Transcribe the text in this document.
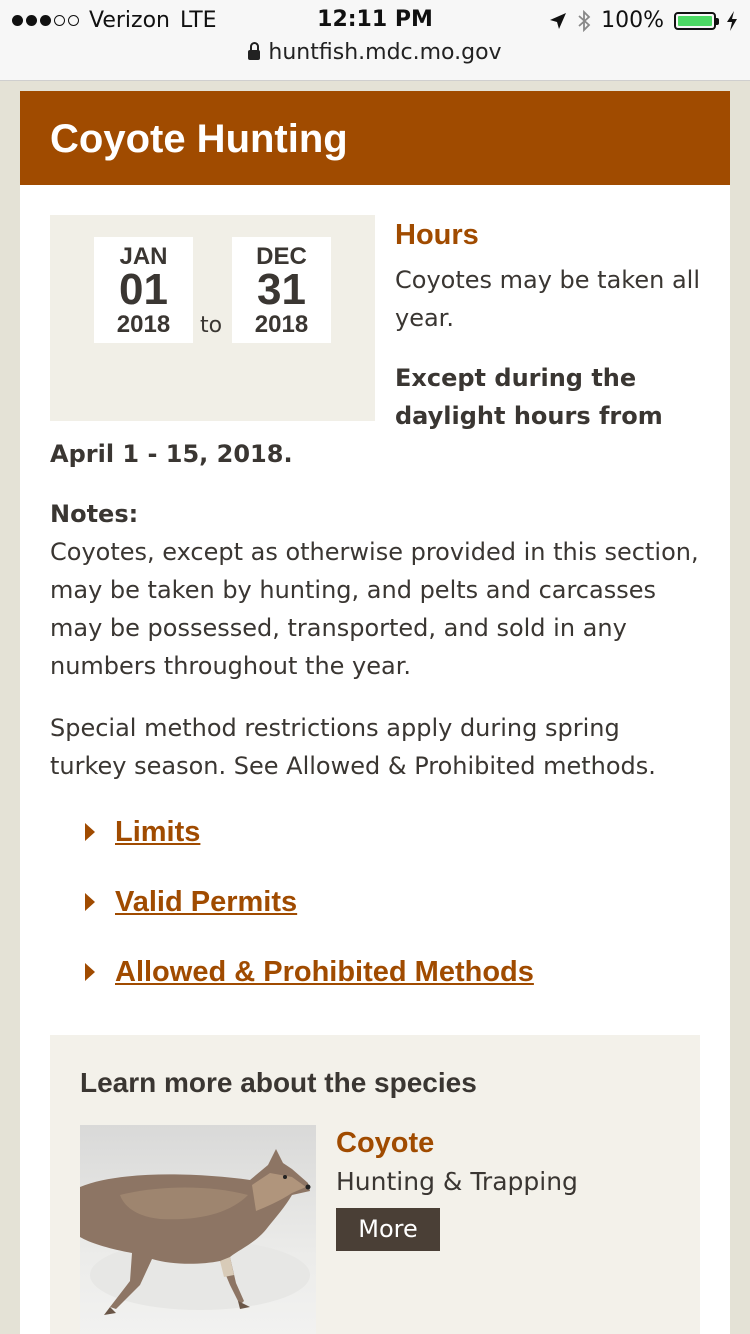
Verizon LTE	12:11 PM	100%
huntfish.mdc.mo.gov
Coyote Hunting
JAN
01
2018	to
DEC
31
2018
Hours

Coyotes may be taken all year.

Except during the daylight hours from April 1 - 15, 2018.

Notes:

Coyotes, except as otherwise provided in this section, may be taken by hunting, and pelts and carcasses may be possessed, transported, and sold in any numbers throughout the year.

Special method restrictions apply during spring turkey season. See Allowed & Prohibited methods.

Limits
Valid Permits
Allowed & Prohibited Methods
Learn more about the species
Coyote
Hunting & Trapping
More
